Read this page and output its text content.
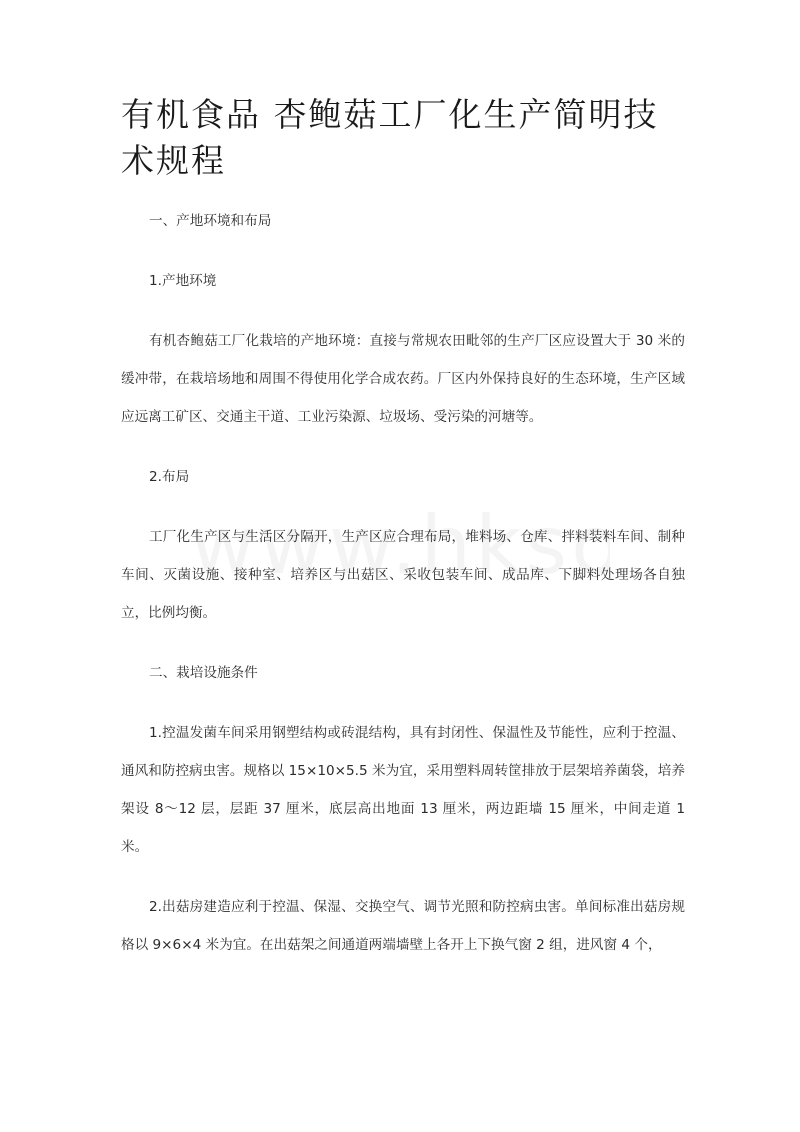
有机食品 杏鲍菇工厂化生产简明技术规程

一、产地环境和布局

1.产地环境

有机杏鲍菇工厂化栽培的产地环境：直接与常规农田毗邻的生产厂区应设置大于 30 米的缓冲带，在栽培场地和周围不得使用化学合成农药。厂区内外保持良好的生态环境，生产区域应远离工矿区、交通主干道、工业污染源、垃圾场、受污染的河塘等。

2.布局

工厂化生产区与生活区分隔开，生产区应合理布局，堆料场、仓库、拌料装料车间、制种车间、灭菌设施、接种室、培养区与出菇区、采收包装车间、成品库、下脚料处理场各自独立，比例均衡。

二、栽培设施条件

1.控温发菌车间采用钢塑结构或砖混结构，具有封闭性、保温性及节能性，应利于控温、通风和防控病虫害。规格以 15×10×5.5 米为宜，采用塑料周转筐排放于层架培养菌袋，培养架设 8～12 层，层距 37 厘米，底层高出地面 13 厘米，两边距墙 15 厘米，中间走道 1 米。

2.出菇房建造应利于控温、保湿、交换空气、调节光照和防控病虫害。单间标准出菇房规格以 9×6×4 米为宜。在出菇架之间通道两端墙壁上各开上下换气窗 2 组，进风窗 4 个，
